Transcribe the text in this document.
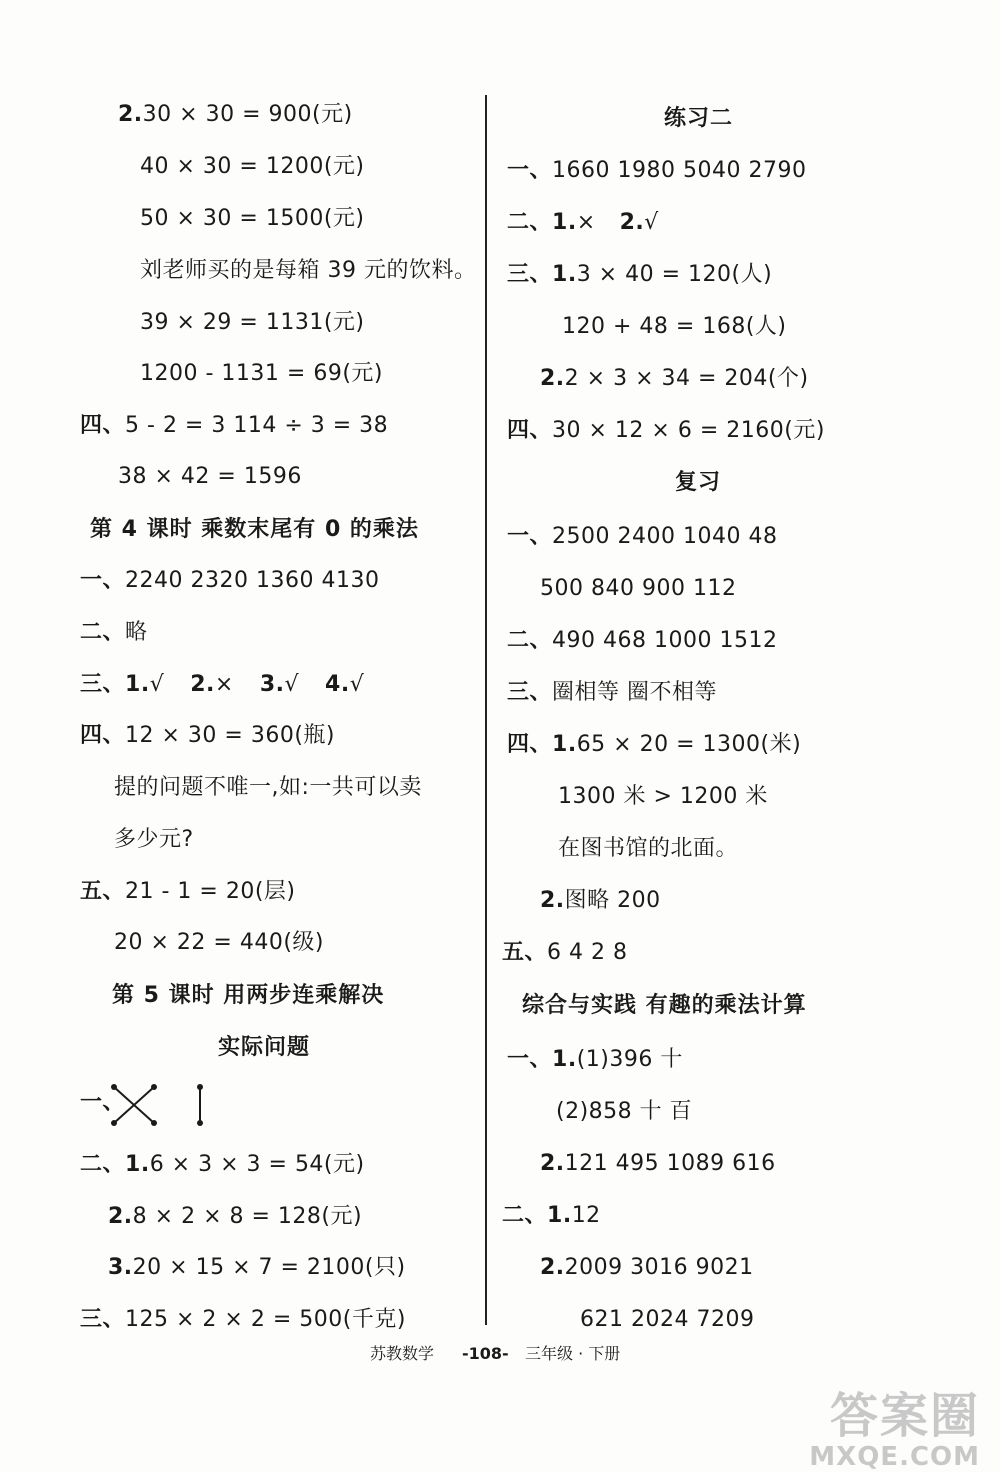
2.30 × 30 = 900(元)
40 × 30 = 1200(元)
50 × 30 = 1500(元)
刘老师买的是每箱 39 元的饮料。
39 × 29 = 1131(元)
1200 - 1131 = 69(元)
四、5 - 2 = 3 114 ÷ 3 = 38
38 × 42 = 1596
第 4 课时 乘数末尾有 0 的乘法
一、2240 2320 1360 4130
二、略
三、1.√ 2.× 3.√ 4.√
四、12 × 30 = 360(瓶)
提的问题不唯一,如:一共可以卖
多少元?
五、21 - 1 = 20(层)
20 × 22 = 440(级)
第 5 课时 用两步连乘解决
实际问题
一、
二、1.6 × 3 × 3 = 54(元)
2.8 × 2 × 8 = 128(元)
3.20 × 15 × 7 = 2100(只)
三、125 × 2 × 2 = 500(千克)
练习二
一、1660 1980 5040 2790
二、1.× 2.√
三、1.3 × 40 = 120(人)
120 + 48 = 168(人)
2.2 × 3 × 34 = 204(个)
四、30 × 12 × 6 = 2160(元)
复习
一、2500 2400 1040 48
500 840 900 112
二、490 468 1000 1512
三、圈相等 圈不相等
四、1.65 × 20 = 1300(米)
1300 米 > 1200 米
在图书馆的北面。
2.图略 200
五、6 4 2 8
综合与实践 有趣的乘法计算
一、1.(1)396 十
(2)858 十 百
2.121 495 1089 616
二、1.12
2.2009 3016 9021
621 2024 7209
苏教数学 -108- 三年级 · 下册
答案圈
MXQE.COM
